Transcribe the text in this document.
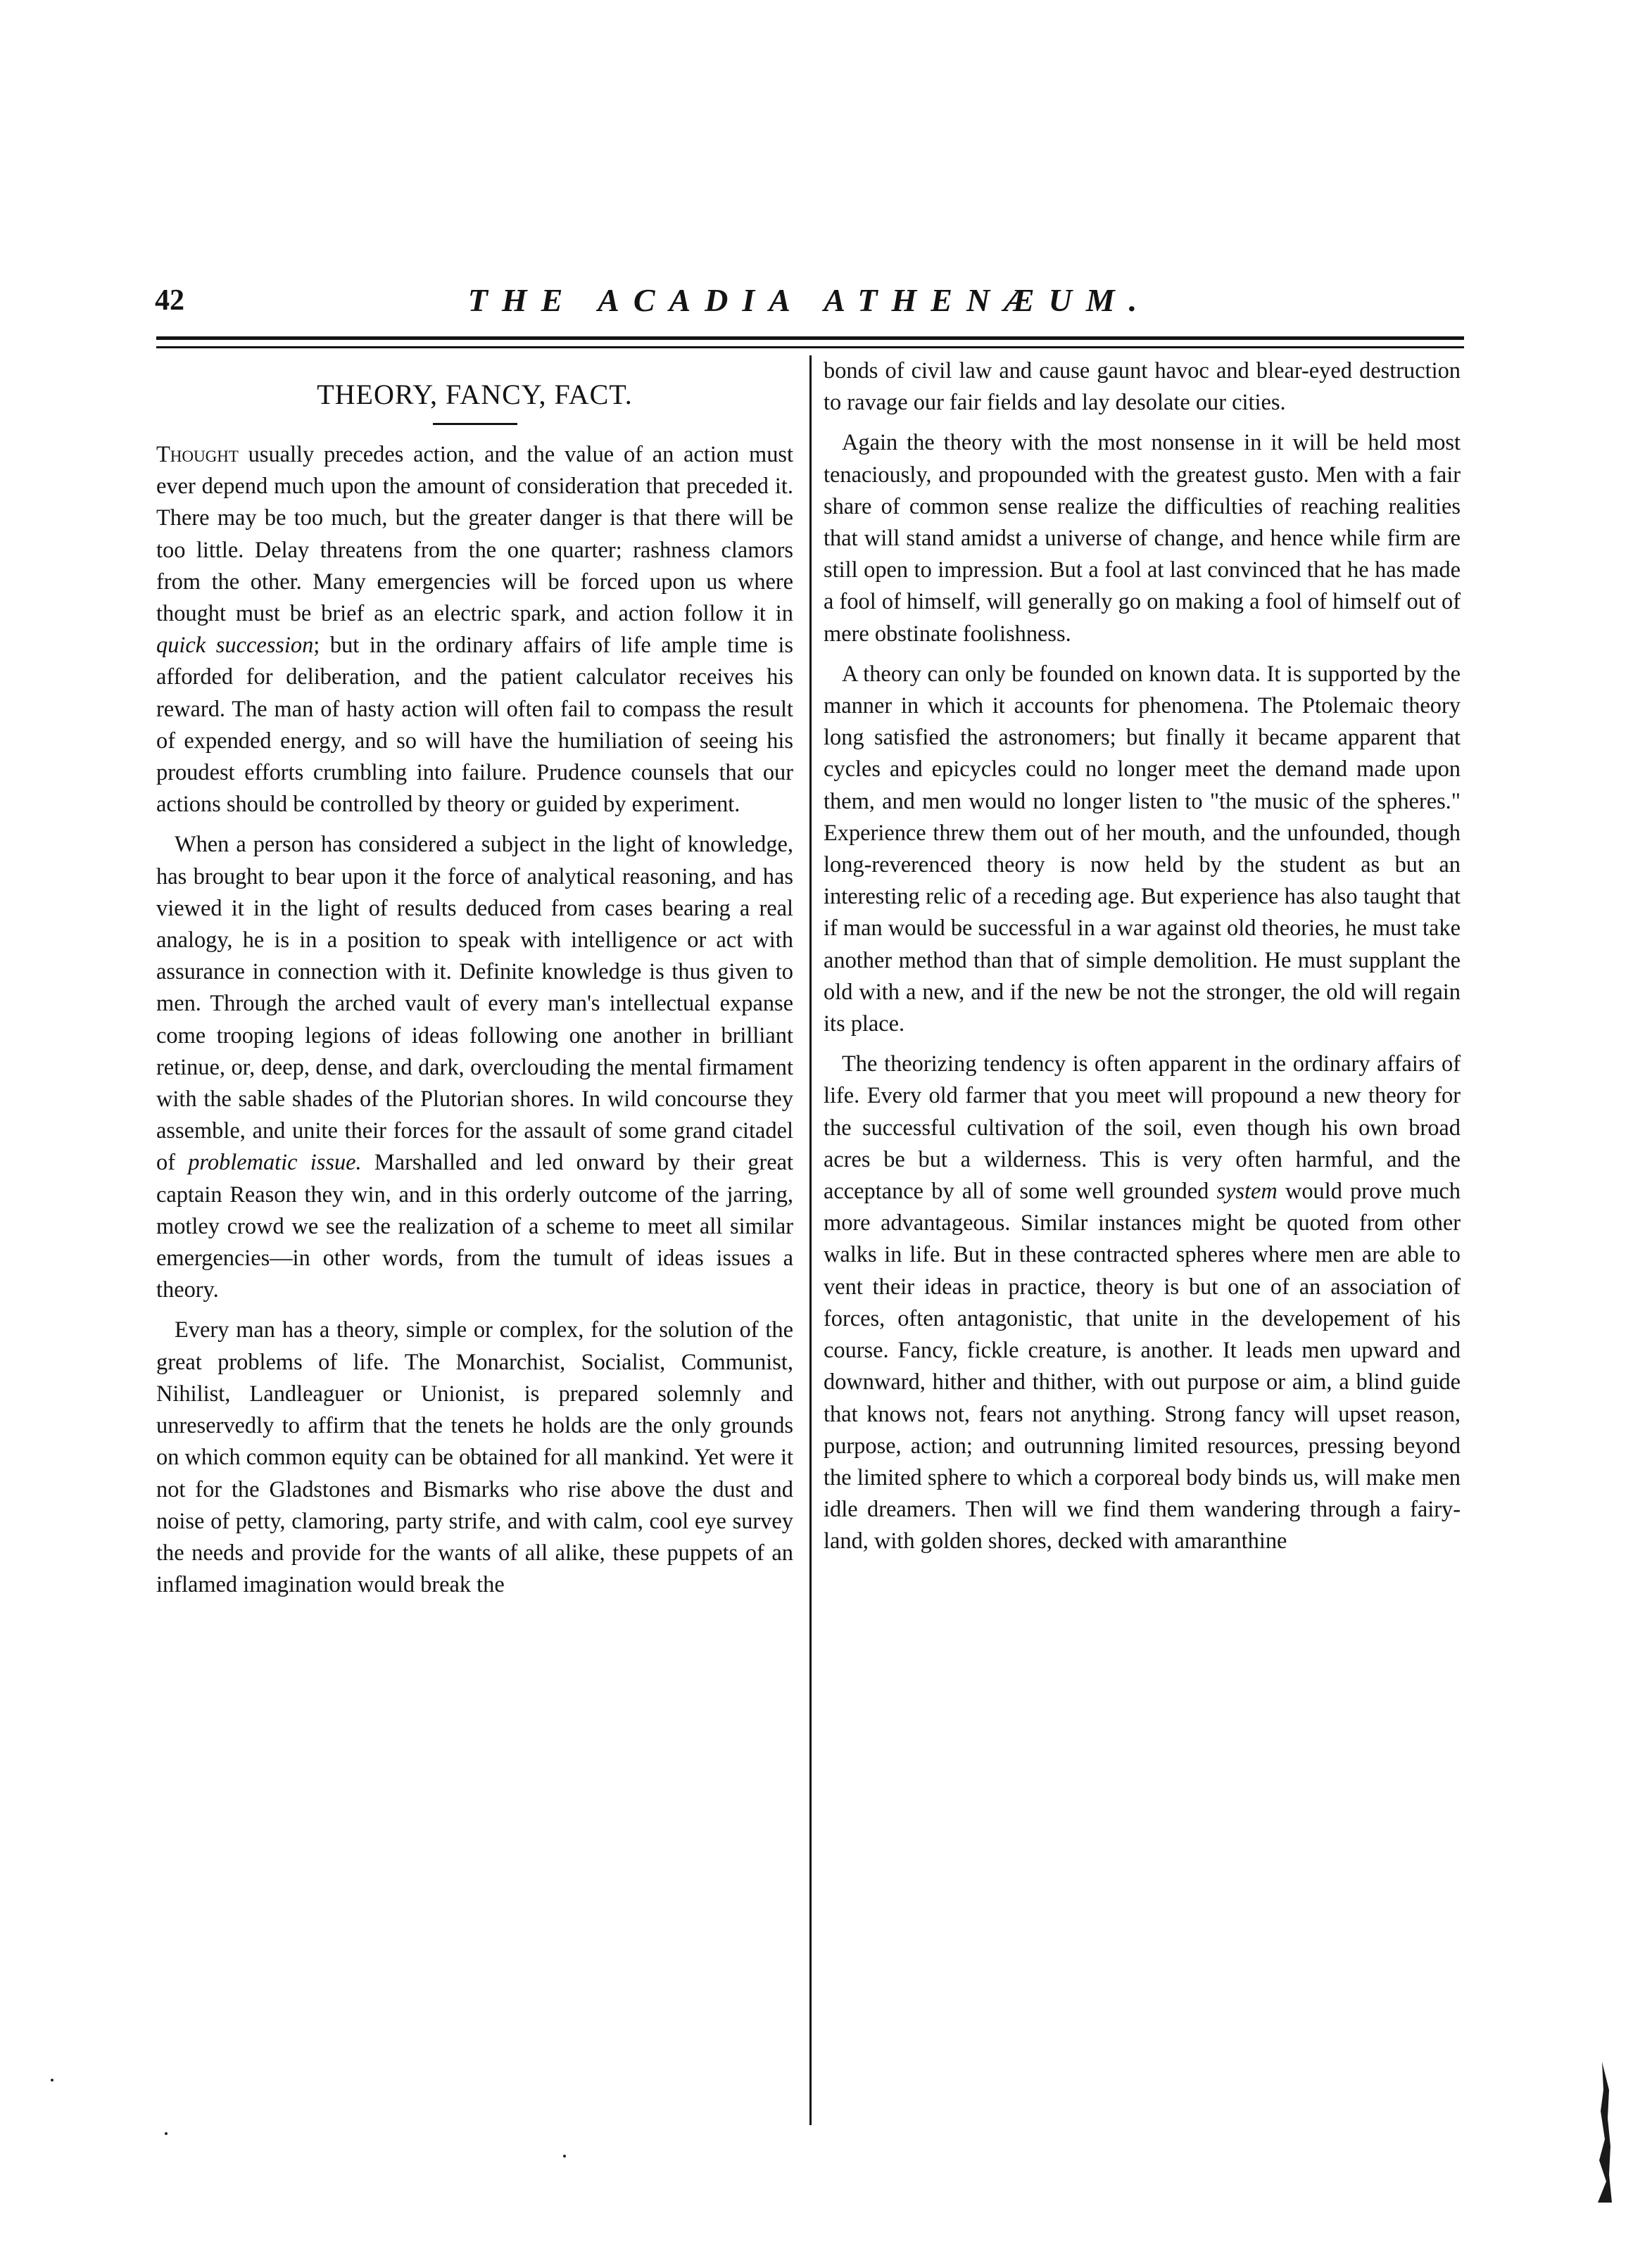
42	THE ACADIA ATHENÆUM.
THEORY, FANCY, FACT.

Thought usually precedes action, and the value of an action must ever depend much upon the amount of consideration that preceded it. There may be too much, but the greater danger is that there will be too little. Delay threatens from the one quarter; rashness clamors from the other. Many emergencies will be forced upon us where thought must be brief as an electric spark, and action follow it in quick succession; but in the ordinary affairs of life ample time is afforded for deliberation, and the patient calculator receives his reward. The man of hasty action will often fail to compass the result of expended energy, and so will have the humiliation of seeing his proudest efforts crumbling into failure. Prudence counsels that our actions should be controlled by theory or guided by experiment.

When a person has considered a subject in the light of knowledge, has brought to bear upon it the force of analytical reasoning, and has viewed it in the light of results deduced from cases bearing a real analogy, he is in a position to speak with intelligence or act with assurance in connection with it. Definite knowledge is thus given to men. Through the arched vault of every man's intellectual expanse come trooping legions of ideas following one another in brilliant retinue, or, deep, dense, and dark, overclouding the mental firmament with the sable shades of the Plutorian shores. In wild concourse they assemble, and unite their forces for the assault of some grand citadel of problematic issue. Marshalled and led onward by their great captain Reason they win, and in this orderly outcome of the jarring, motley crowd we see the realization of a scheme to meet all similar emergencies—in other words, from the tumult of ideas issues a theory.

Every man has a theory, simple or complex, for the solution of the great problems of life. The Monarchist, Socialist, Communist, Nihilist, Landleaguer or Unionist, is prepared solemnly and unreservedly to affirm that the tenets he holds are the only grounds on which common equity can be obtained for all mankind. Yet were it not for the Gladstones and Bismarks who rise above the dust and noise of petty, clamoring, party strife, and with calm, cool eye survey the needs and provide for the wants of all alike, these puppets of an inflamed imagination would break the

bonds of civil law and cause gaunt havoc and blear-eyed destruction to ravage our fair fields and lay desolate our cities.

Again the theory with the most nonsense in it will be held most tenaciously, and propounded with the greatest gusto. Men with a fair share of common sense realize the difficulties of reaching realities that will stand amidst a universe of change, and hence while firm are still open to impression. But a fool at last convinced that he has made a fool of himself, will generally go on making a fool of himself out of mere obstinate foolishness.

A theory can only be founded on known data. It is supported by the manner in which it accounts for phenomena. The Ptolemaic theory long satisfied the astronomers; but finally it became apparent that cycles and epicycles could no longer meet the demand made upon them, and men would no longer listen to "the music of the spheres." Experience threw them out of her mouth, and the unfounded, though long-reverenced theory is now held by the student as but an interesting relic of a receding age. But experience has also taught that if man would be successful in a war against old theories, he must take another method than that of simple demolition. He must supplant the old with a new, and if the new be not the stronger, the old will regain its place.

The theorizing tendency is often apparent in the ordinary affairs of life. Every old farmer that you meet will propound a new theory for the successful cultivation of the soil, even though his own broad acres be but a wilderness. This is very often harmful, and the acceptance by all of some well grounded system would prove much more advantageous. Similar instances might be quoted from other walks in life. But in these contracted spheres where men are able to vent their ideas in practice, theory is but one of an association of forces, often antagonistic, that unite in the developement of his course. Fancy, fickle creature, is another. It leads men upward and downward, hither and thither, with out purpose or aim, a blind guide that knows not, fears not anything. Strong fancy will upset reason, purpose, action; and outrunning limited resources, pressing beyond the limited sphere to which a corporeal body binds us, will make men idle dreamers. Then will we find them wandering through a fairy-land, with golden shores, decked with amaranthine
